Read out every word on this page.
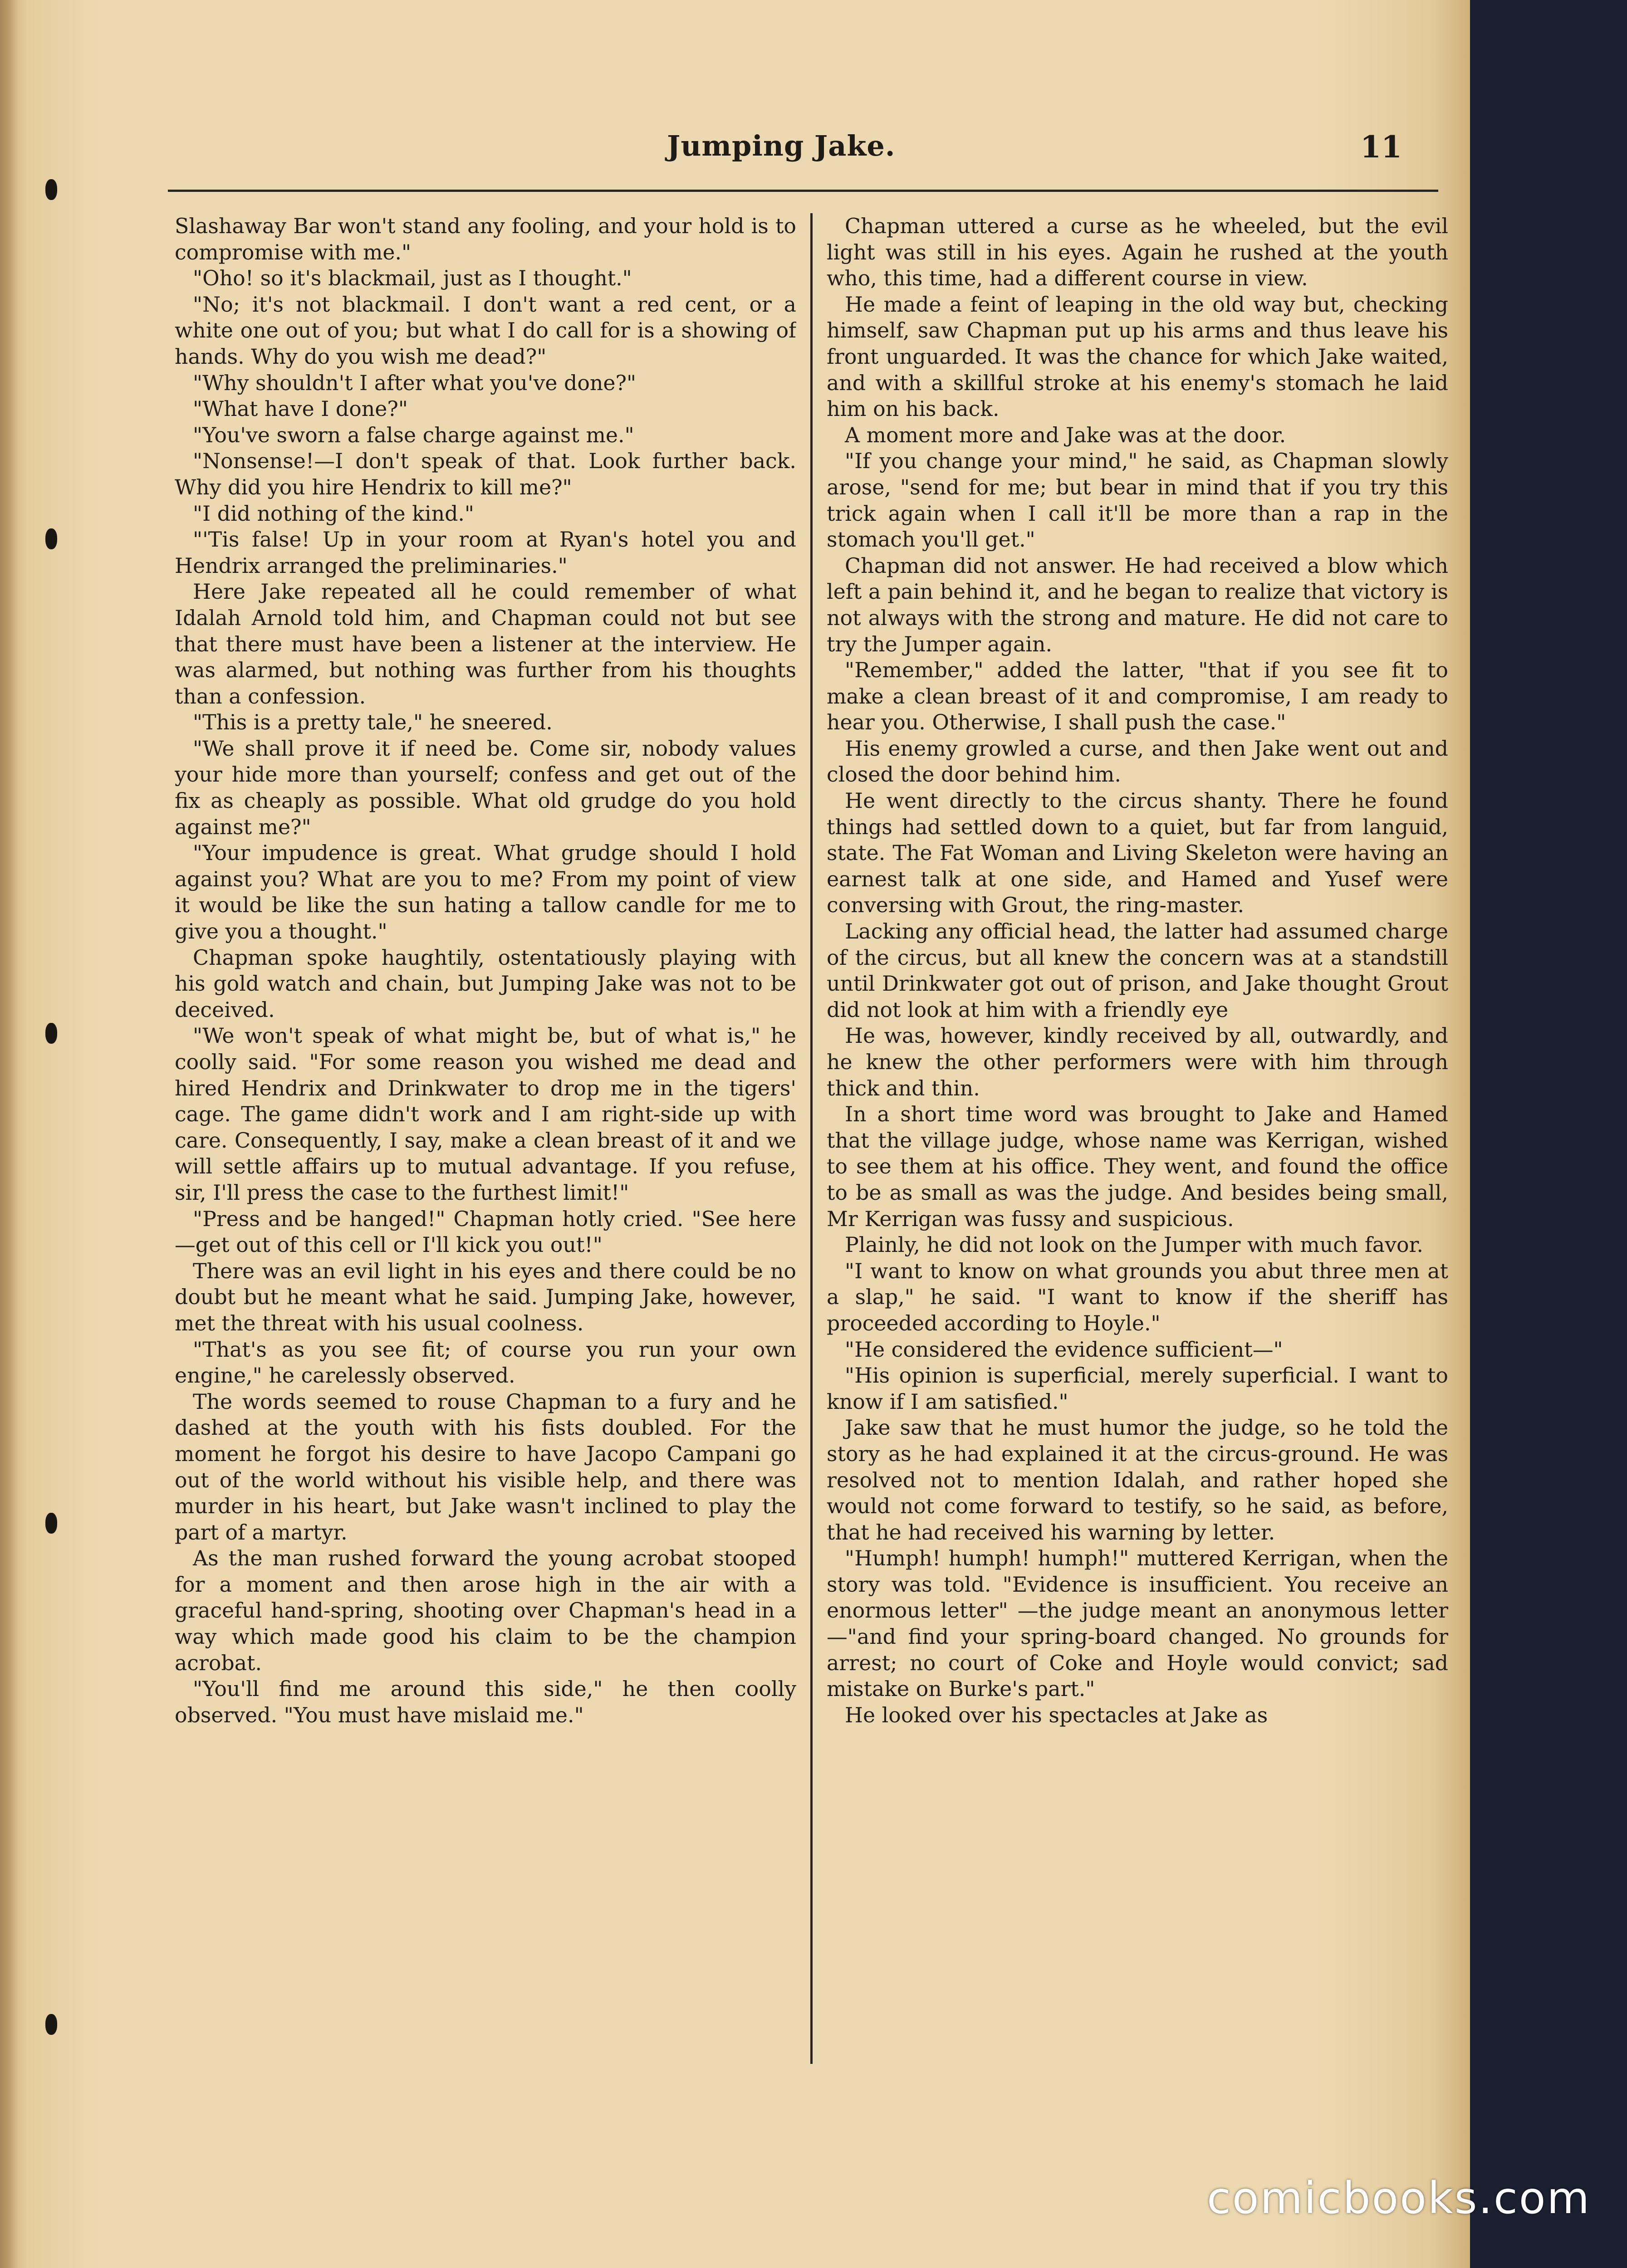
Jumping Jake.	11

Slashaway Bar won't stand any fooling, and your hold is to compromise with me."

"Oho! so it's blackmail, just as I thought."

"No; it's not blackmail. I don't want a red cent, or a white one out of you; but what I do call for is a showing of hands. Why do you wish me dead?"

"Why shouldn't I after what you've done?"

"What have I done?"

"You've sworn a false charge against me."

"Nonsense!—I don't speak of that. Look further back. Why did you hire Hendrix to kill me?"

"I did nothing of the kind."

"'Tis false! Up in your room at Ryan's hotel you and Hendrix arranged the preliminaries."

Here Jake repeated all he could remember of what Idalah Arnold told him, and Chapman could not but see that there must have been a listener at the interview. He was alarmed, but nothing was further from his thoughts than a confession.

"This is a pretty tale," he sneered.

"We shall prove it if need be. Come sir, nobody values your hide more than yourself; confess and get out of the fix as cheaply as possible. What old grudge do you hold against me?"

"Your impudence is great. What grudge should I hold against you? What are you to me? From my point of view it would be like the sun hating a tallow candle for me to give you a thought."

Chapman spoke haughtily, ostentatiously playing with his gold watch and chain, but Jumping Jake was not to be deceived.

"We won't speak of what might be, but of what is," he coolly said. "For some reason you wished me dead and hired Hendrix and Drinkwater to drop me in the tigers' cage. The game didn't work and I am right-side up with care. Consequently, I say, make a clean breast of it and we will settle affairs up to mutual advantage. If you refuse, sir, I'll press the case to the furthest limit!"

"Press and be hanged!" Chapman hotly cried. "See here—get out of this cell or I'll kick you out!"

There was an evil light in his eyes and there could be no doubt but he meant what he said. Jumping Jake, however, met the threat with his usual coolness.

"That's as you see fit; of course you run your own engine," he carelessly observed.

The words seemed to rouse Chapman to a fury and he dashed at the youth with his fists doubled. For the moment he forgot his desire to have Jacopo Campani go out of the world without his visible help, and there was murder in his heart, but Jake wasn't inclined to play the part of a martyr.

As the man rushed forward the young acrobat stooped for a moment and then arose high in the air with a graceful hand-spring, shooting over Chapman's head in a way which made good his claim to be the champion acrobat.

"You'll find me around this side," he then coolly observed. "You must have mislaid me."

Chapman uttered a curse as he wheeled, but the evil light was still in his eyes. Again he rushed at the youth who, this time, had a different course in view.

He made a feint of leaping in the old way but, checking himself, saw Chapman put up his arms and thus leave his front unguarded. It was the chance for which Jake waited, and with a skillful stroke at his enemy's stomach he laid him on his back.

A moment more and Jake was at the door.

"If you change your mind," he said, as Chapman slowly arose, "send for me; but bear in mind that if you try this trick again when I call it'll be more than a rap in the stomach you'll get."

Chapman did not answer. He had received a blow which left a pain behind it, and he began to realize that victory is not always with the strong and mature. He did not care to try the Jumper again.

"Remember," added the latter, "that if you see fit to make a clean breast of it and compromise, I am ready to hear you. Otherwise, I shall push the case."

His enemy growled a curse, and then Jake went out and closed the door behind him.

He went directly to the circus shanty. There he found things had settled down to a quiet, but far from languid, state. The Fat Woman and Living Skeleton were having an earnest talk at one side, and Hamed and Yusef were conversing with Grout, the ring-master.

Lacking any official head, the latter had assumed charge of the circus, but all knew the concern was at a standstill until Drinkwater got out of prison, and Jake thought Grout did not look at him with a friendly eye

He was, however, kindly received by all, outwardly, and he knew the other performers were with him through thick and thin.

In a short time word was brought to Jake and Hamed that the village judge, whose name was Kerrigan, wished to see them at his office. They went, and found the office to be as small as was the judge. And besides being small, Mr Kerrigan was fussy and suspicious.

Plainly, he did not look on the Jumper with much favor.

"I want to know on what grounds you abut three men at a slap," he said. "I want to know if the sheriff has proceeded according to Hoyle."

"He considered the evidence sufficient—"

"His opinion is superficial, merely superficial. I want to know if I am satisfied."

Jake saw that he must humor the judge, so he told the story as he had explained it at the circus-ground. He was resolved not to mention Idalah, and rather hoped she would not come forward to testify, so he said, as before, that he had received his warning by letter.

"Humph! humph! humph!" muttered Kerrigan, when the story was told. "Evidence is insufficient. You receive an enormous letter" —the judge meant an anonymous letter—"and find your spring-board changed. No grounds for arrest; no court of Coke and Hoyle would convict; sad mistake on Burke's part."

He looked over his spectacles at Jake as

comicbooks.com
